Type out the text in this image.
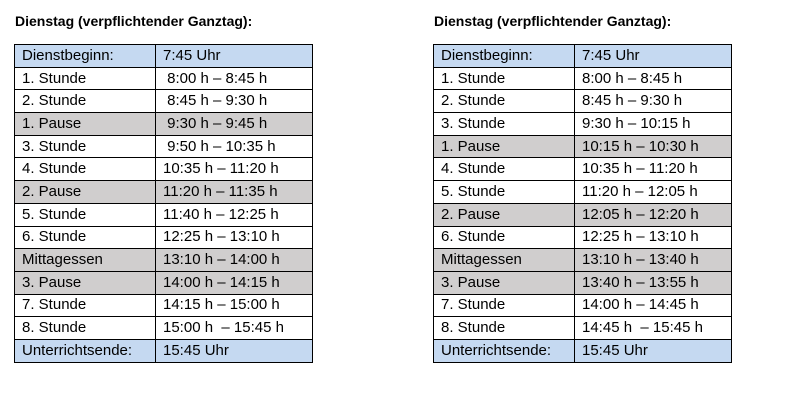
Dienstag (verpflichtender Ganztag):
Dienstbeginn:	7:45 Uhr
1. Stunde	8:00 h – 8:45 h
2. Stunde	8:45 h – 9:30 h
1. Pause	9:30 h – 9:45 h
3. Stunde	9:50 h – 10:35 h
4. Stunde	10:35 h – 11:20 h
2. Pause	11:20 h – 11:35 h
5. Stunde	11:40 h – 12:25 h
6. Stunde	12:25 h – 13:10 h
Mittagessen	13:10 h – 14:00 h
3. Pause	14:00 h – 14:15 h
7. Stunde	14:15 h – 15:00 h
8. Stunde	15:00 h  – 15:45 h
Unterrichtsende:	15:45 Uhr
Dienstag (verpflichtender Ganztag):
Dienstbeginn:	7:45 Uhr
1. Stunde	8:00 h – 8:45 h
2. Stunde	8:45 h – 9:30 h
3. Stunde	9:30 h – 10:15 h
1. Pause	10:15 h – 10:30 h
4. Stunde	10:35 h – 11:20 h
5. Stunde	11:20 h – 12:05 h
2. Pause	12:05 h – 12:20 h
6. Stunde	12:25 h – 13:10 h
Mittagessen	13:10 h – 13:40 h
3. Pause	13:40 h – 13:55 h
7. Stunde	14:00 h – 14:45 h
8. Stunde	14:45 h  – 15:45 h
Unterrichtsende:	15:45 Uhr
